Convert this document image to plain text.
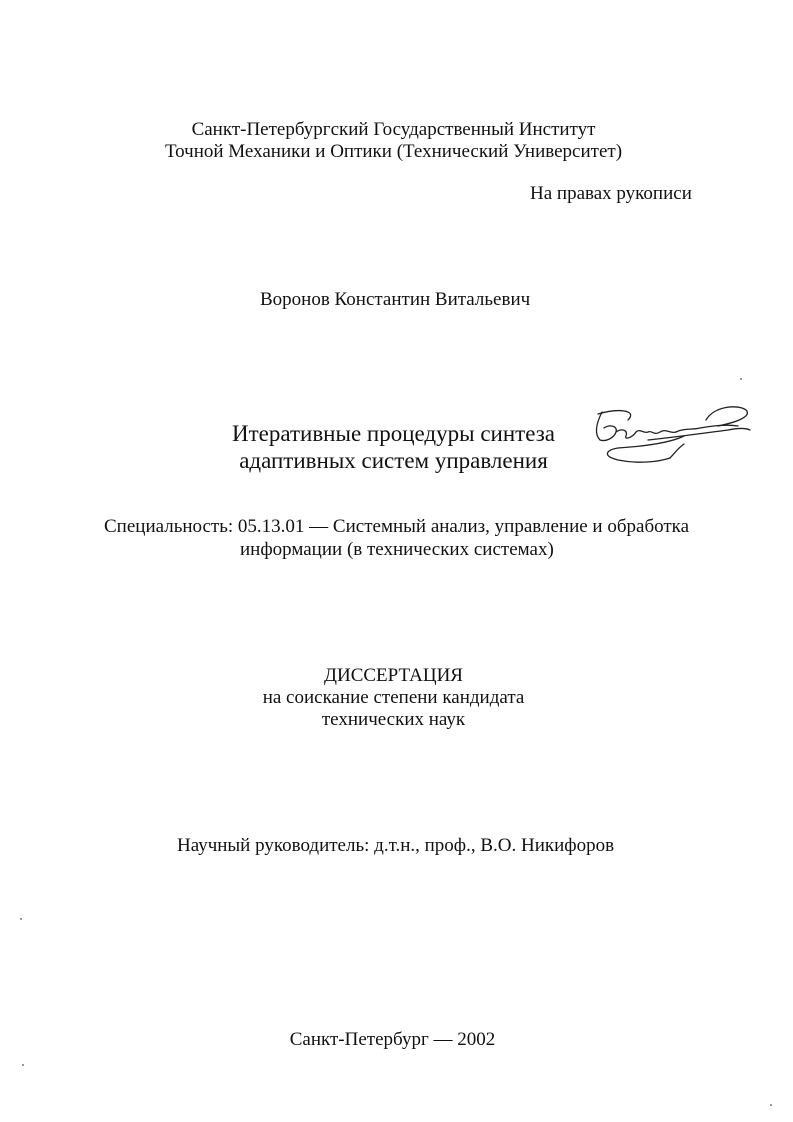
Санкт-Петербургский Государственный Институт
Точной Механики и Оптики (Технический Университет)
На правах рукописи
Воронов Константин Витальевич
Итеративные процедуры синтеза
адаптивных систем управления
Специальность: 05.13.01 — Системный анализ, управление и обработка
информации (в технических системах)
ДИССЕРТАЦИЯ
на соискание степени кандидата
технических наук
Научный руководитель: д.т.н., проф., В.О. Никифоров
Санкт-Петербург — 2002
